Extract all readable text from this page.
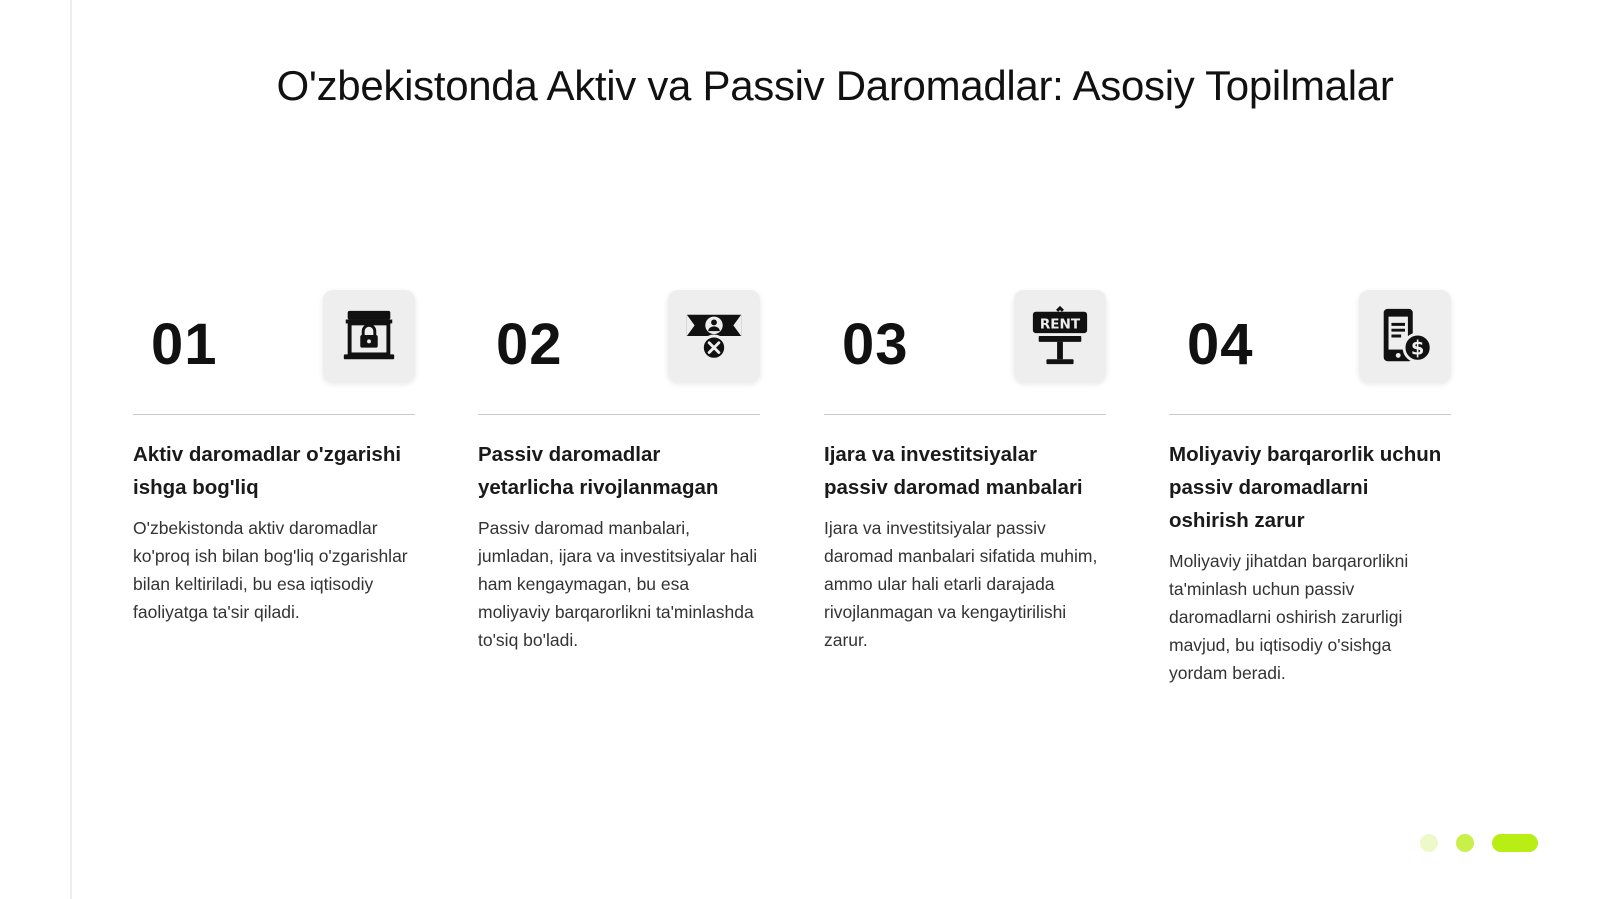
O'zbekistonda Aktiv va Passiv Daromadlar: Asosiy Topilmalar
01
Aktiv daromadlar o'zgarishi ishga bog'liq

O'zbekistonda aktiv daromadlar ko'proq ish bilan bog'liq o'zgarishlar bilan keltiriladi, bu esa iqtisodiy faoliyatga ta'sir qiladi.

02
Passiv daromadlar yetarlicha rivojlanmagan

Passiv daromad manbalari, jumladan, ijara va investitsiyalar hali ham kengaymagan, bu esa moliyaviy barqarorlikni ta'minlashda to'siq bo'ladi.

03	RENT
Ijara va investitsiyalar passiv daromad manbalari

Ijara va investitsiyalar passiv daromad manbalari sifatida muhim, ammo ular hali etarli darajada rivojlanmagan va kengaytirilishi zarur.

04	$
Moliyaviy barqarorlik uchun passiv daromadlarni oshirish zarur

Moliyaviy jihatdan barqarorlikni ta'minlash uchun passiv daromadlarni oshirish zarurligi mavjud, bu iqtisodiy o'sishga yordam beradi.
